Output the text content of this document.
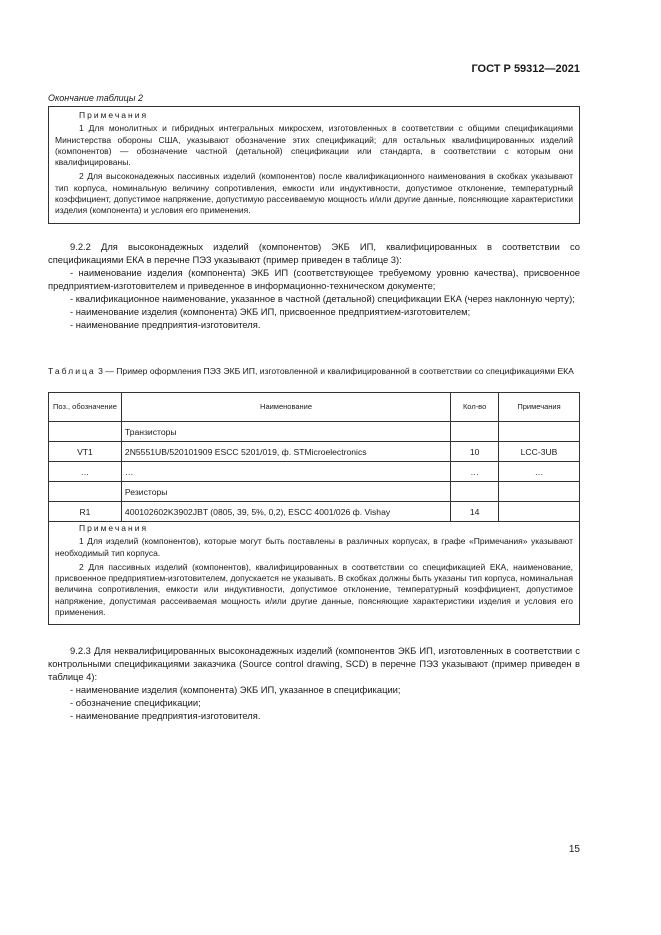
ГОСТ Р 59312—2021
Окончание таблицы 2
Примечания

1 Для монолитных и гибридных интегральных микросхем, изготовленных в соответствии с общими спецификациями Министерства обороны США, указывают обозначение этих спецификаций; для остальных квалифицированных изделий (компонентов) — обозначение частной (детальной) спецификации или стандарта, в соответствии с которым они квалифицированы.

2 Для высоконадежных пассивных изделий (компонентов) после квалификационного наименования в скобках указывают тип корпуса, номинальную величину сопротивления, емкости или индуктивности, допустимое отклонение, температурный коэффициент, допустимое напряжение, допустимую рассеиваемую мощность и/или другие данные, поясняющие характеристики изделия (компонента) и условия его применения.

9.2.2 Для высоконадежных изделий (компонентов) ЭКБ ИП, квалифицированных в соответствии со спецификациями ЕКА в перечне ПЭЗ указывают (пример приведен в таблице 3):

- наименование изделия (компонента) ЭКБ ИП (соответствующее требуемому уровню качества), присвоенное предприятием-изготовителем и приведенное в информационно-техническом документе;

- квалификационное наименование, указанное в частной (детальной) спецификации ЕКА (через наклонную черту);

- наименование изделия (компонента) ЭКБ ИП, присвоенное предприятием-изготовителем;

- наименование предприятия-изготовителя.

Таблица 3 — Пример оформления ПЭЗ ЭКБ ИП, изготовленной и квалифицированной в соответствии со спецификациями ЕКА
Поз., обозначение	Наименование	Кол-во	Примечания
	Транзисторы		
VT1	2N5551UB/520101909 ESCC 5201/019, ф. STMicroelectronics	10	LCC-3UB
…	…	…	…
	Резисторы		
R1	400102602K3902JBT (0805, 39, 5%, 0,2), ESCC 4001/026 ф. Vishay	14	
Примечания

1 Для изделий (компонентов), которые могут быть поставлены в различных корпусах, в графе «Примечания» указывают необходимый тип корпуса.

2 Для пассивных изделий (компонентов), квалифицированных в соответствии со спецификацией ЕКА, наименование, присвоенное предприятием-изготовителем, допускается не указывать. В скобках должны быть указаны тип корпуса, номинальная величина сопротивления, емкости или индуктивности, допустимое отклонение, температурный коэффициент, допустимое напряжение, допустимая рассеиваемая мощность и/или другие данные, поясняющие характеристики изделия и условия его применения.

9.2.3 Для неквалифицированных высоконадежных изделий (компонентов ЭКБ ИП, изготовленных в соответствии с контрольными спецификациями заказчика (Source control drawing, SCD) в перечне ПЭЗ указывают (пример приведен в таблице 4):

- наименование изделия (компонента) ЭКБ ИП, указанное в спецификации;

- обозначение спецификации;

- наименование предприятия-изготовителя.

15
